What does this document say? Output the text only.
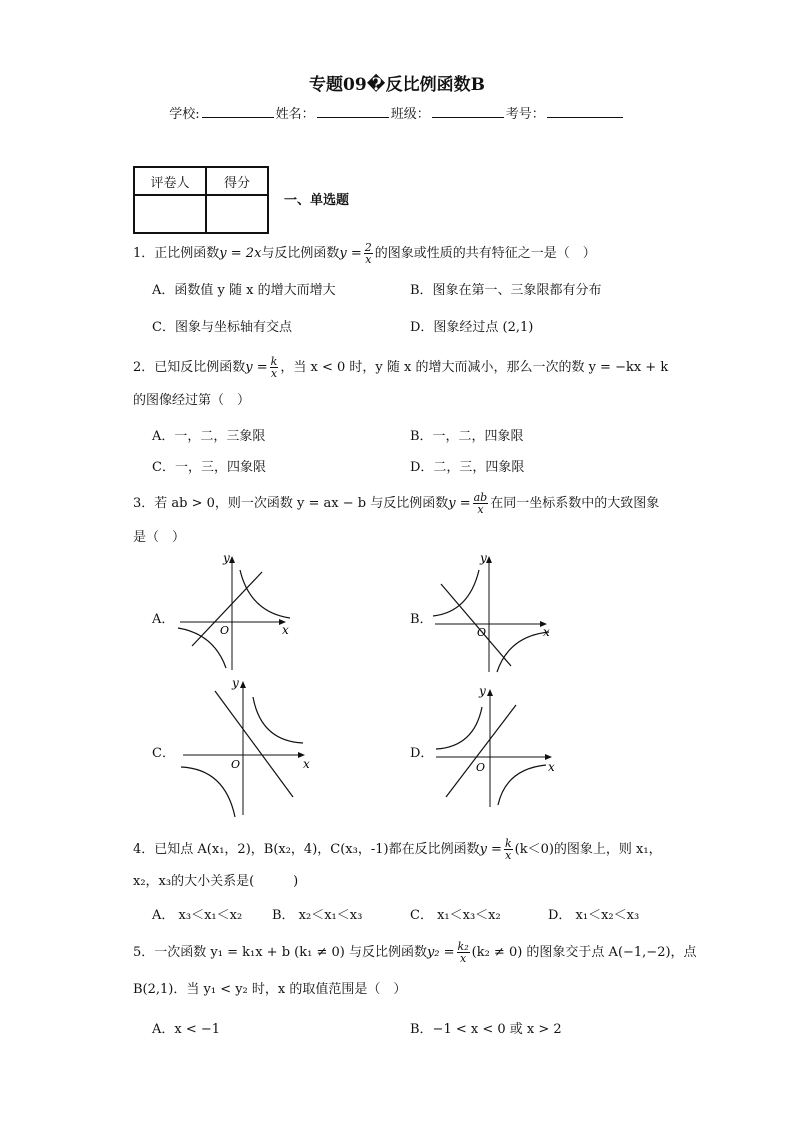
专题09�反比例函数B
学校:	姓名：	班级：	考号：
评卷人	得分

一、单选题
1．正比例函数y = 2x与反比例函数$y = \frac{2}{x}$ 的图象或性质的共有特征之一是（　）
A．函数值 y 随 x 的增大而增大	B．图象在第一、三象限都有分布
C．图象与坐标轴有交点	D．图象经过点 (2,1)
2．已知反比例函数$y = \frac{k}{x}$ ，当 x < 0 时，y 随 x 的增大而减小，那么一次的数 y = −kx + k
的图像经过第（　）
A．一，二，三象限	B．一，二，四象限
C．一，三，四象限	D．二，三，四象限
3．若 ab > 0，则一次函数 y = ax − b 与反比例函数$y = \frac{ab}{x}$ 在同一坐标系数中的大致图象
是（　）
A．
x
y
O
B．
x
y
O
C．
x
y
O
D．
x
y
O
4．已知点 A(x₁，2)，B(x₂，4)，C(x₃，-1)都在反比例函数$y = \frac{k}{x} (k<0)$的图象上，则 x₁，
x₂，x₃的大小关系是(　　　)
A． x₃＜x₁＜x₂ B． x₂＜x₁＜x₃	C． x₁＜x₃＜x₂	D． x₁＜x₂＜x₃
5．一次函数 y₁ = k₁x + b (k₁ ≠ 0) 与反比例函数$y_2 = \frac{\text{k₂}}{x} (k_2 \ne 0)$ 的图象交于点 A(−1,−2)，点
B(2,1)．当 y₁ < y₂ 时，x 的取值范围是（　）
A．x < −1	B．−1 < x < 0 或 x > 2
